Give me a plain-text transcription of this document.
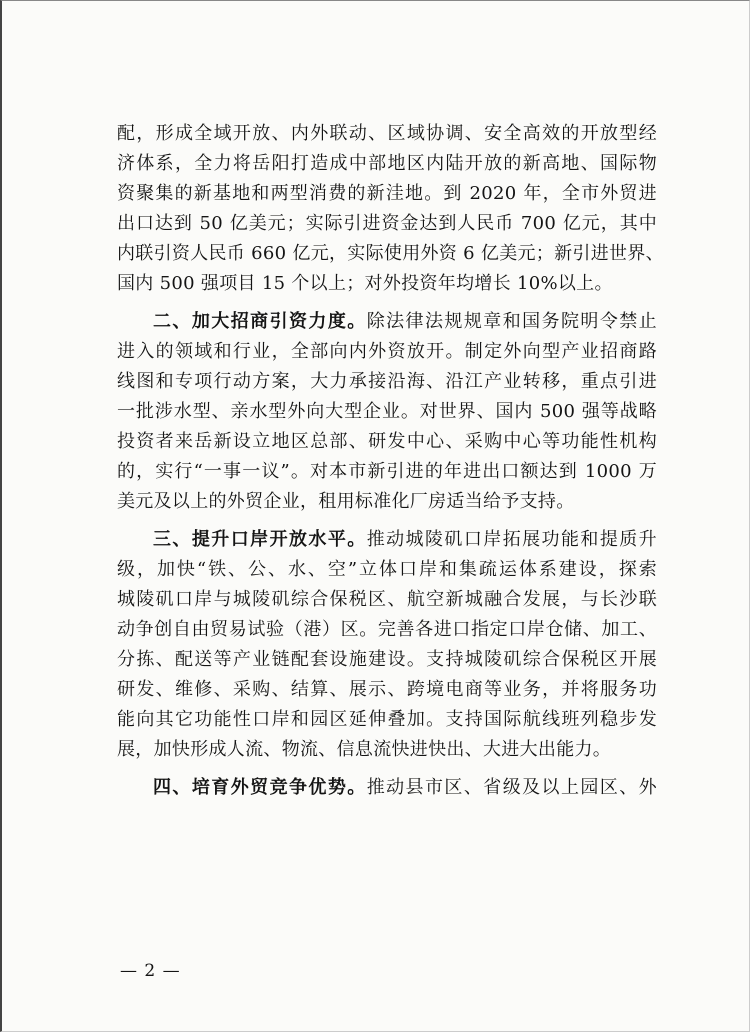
配，形成全域开放、内外联动、区域协调、安全高效的开放型经
济体系，全力将岳阳打造成中部地区内陆开放的新高地、国际物
资聚集的新基地和两型消费的新洼地。到 2020 年，全市外贸进
出口达到 50 亿美元；实际引进资金达到人民币 700 亿元，其中
内联引资人民币 660 亿元，实际使用外资 6 亿美元；新引进世界、
国内 500 强项目 15 个以上；对外投资年均增长 10%以上。
二、加大招商引资力度。除法律法规规章和国务院明令禁止
进入的领域和行业，全部向内外资放开。制定外向型产业招商路
线图和专项行动方案，大力承接沿海、沿江产业转移，重点引进
一批涉水型、亲水型外向大型企业。对世界、国内 500 强等战略
投资者来岳新设立地区总部、研发中心、采购中心等功能性机构
的，实行“一事一议”。对本市新引进的年进出口额达到 1000 万
美元及以上的外贸企业，租用标准化厂房适当给予支持。
三、提升口岸开放水平。推动城陵矶口岸拓展功能和提质升
级，加快“铁、公、水、空”立体口岸和集疏运体系建设，探索
城陵矶口岸与城陵矶综合保税区、航空新城融合发展，与长沙联
动争创自由贸易试验（港）区。完善各进口指定口岸仓储、加工、
分拣、配送等产业链配套设施建设。支持城陵矶综合保税区开展
研发、维修、采购、结算、展示、跨境电商等业务，并将服务功
能向其它功能性口岸和园区延伸叠加。支持国际航线班列稳步发
展，加快形成人流、物流、信息流快进快出、大进大出能力。
四、培育外贸竞争优势。推动县市区、省级及以上园区、外
— 2 —
